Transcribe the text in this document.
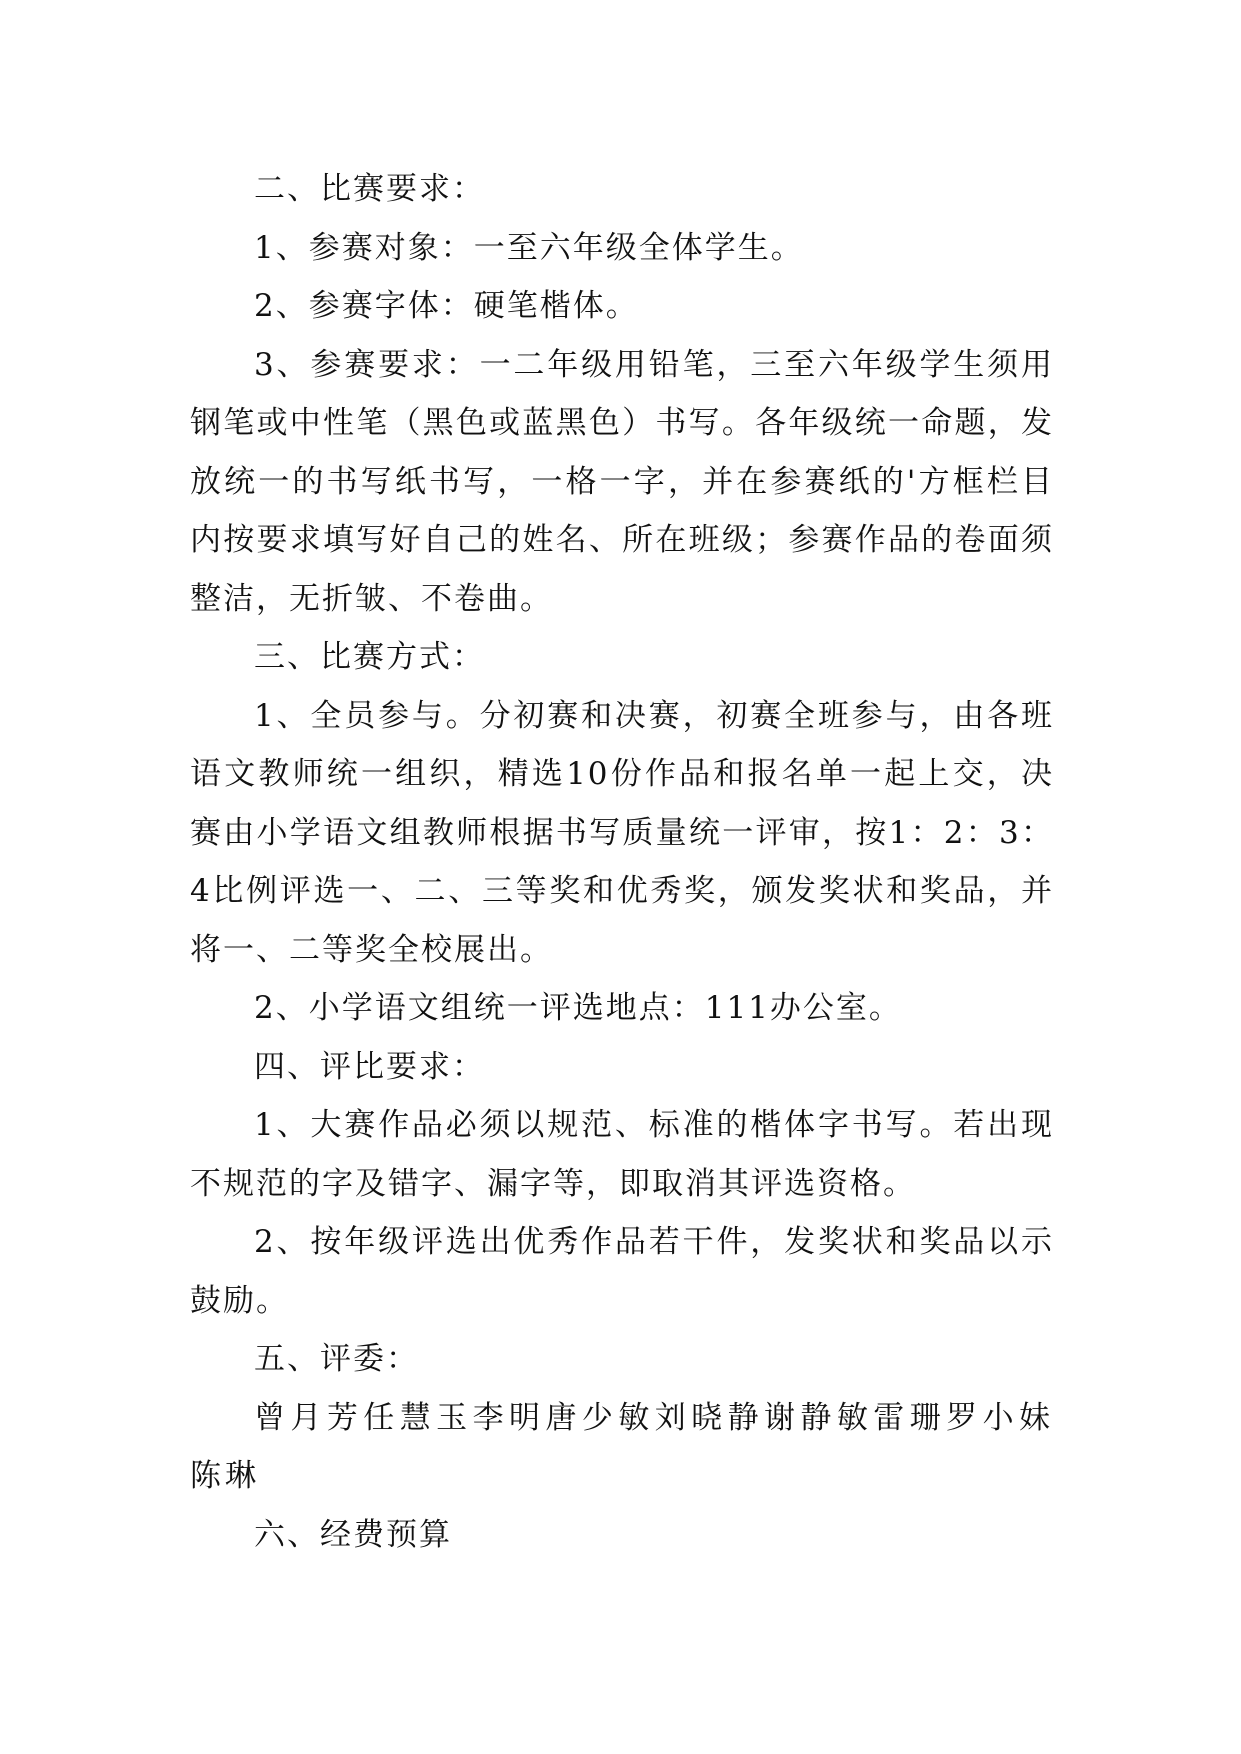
二、比赛要求：

1、参赛对象：一至六年级全体学生。

2、参赛字体：硬笔楷体。

3、参赛要求：一二年级用铅笔，三至六年级学生须用钢笔或中性笔（黑色或蓝黑色）书写。各年级统一命题，发放统一的书写纸书写，一格一字，并在参赛纸的'方框栏目内按要求填写好自己的姓名、所在班级；参赛作品的卷面须整洁，无折皱、不卷曲。

三、比赛方式：

1、全员参与。分初赛和决赛，初赛全班参与，由各班语文教师统一组织，精选10份作品和报名单一起上交，决赛由小学语文组教师根据书写质量统一评审，按1：2：3：4比例评选一、二、三等奖和优秀奖，颁发奖状和奖品，并将一、二等奖全校展出。

2、小学语文组统一评选地点：111办公室。

四、评比要求：

1、大赛作品必须以规范、标准的楷体字书写。若出现不规范的字及错字、漏字等，即取消其评选资格。

2、按年级评选出优秀作品若干件，发奖状和奖品以示鼓励。

五、评委：

曾月芳任慧玉李明唐少敏刘晓静谢静敏雷珊罗小妹陈琳

六、经费预算
